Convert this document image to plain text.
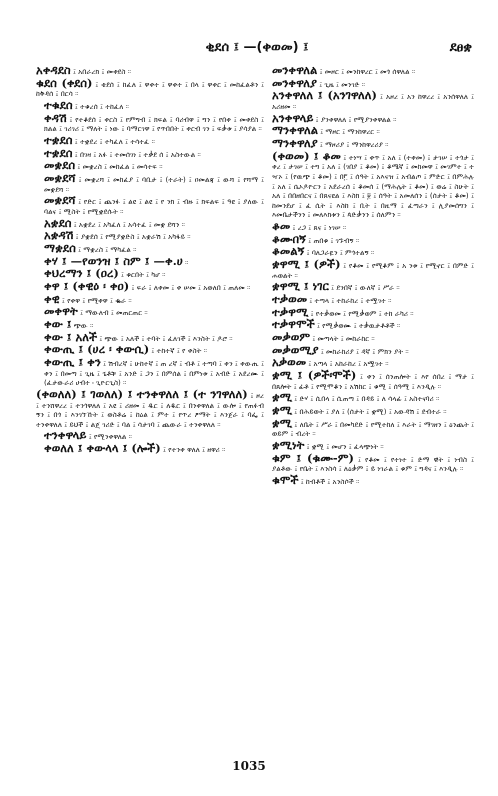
ቂደሰ ፤ —(ቀወመ) ፤	ደፀቋ

አቀዳደስ ፤ አበራረክ ፤ መቀደስ ።

ቁደሰ (ቀደሰ) ፤ ቂደሰ ፤ ከፈለ ፤ ዋቀተ ፤ ዋቀተ ፤ በላ ፤ ዋቀር ፤ መከፈልቶን ፤ ከቅዳሰ ፤ በርሳ ።

ተቁደሰ ፤ ተቁረሰ ፤ ተከፈለ ።

ቀዳሽ ፤ የተቆደሰ ፤ ቀርስ ፤ የምግብ ፤ ክፍል ፤ ባሪብዋ ፤ ግን ፤ የበቀ ፤ መቀደስ ፤ ክልል ፤ ገሪገሪ ፤ ማለት ፤ ነው ፤ ባማርገዋ ፤ የጥበበት ፤ ቀርብ ገን ፤ ፍቃቱ ፤ ያሳያል ።

ተቋደሰ ፤ ተቋደረ ፤ ተካፈለ ፤ ተሳተፈ ።

ተቋደሰ ፤ በገዛ ፤ አፉ ፤ ተመሰገነ ፤ ተቃደ ሰ ፤ አስተውል ።

መቋደሰ ፤ መቋረስ ፤ መከፈል ፤ መሳተፍ ።

መቋደሻ ፤ መቋረሻ ፤ መከፈያ ፤ ባቢታ ፤ (ተራት) ፤ ዐመልጃ ፤ ውሻ ፤ የሻማ ፤ መቋደሻ ።

መቋደሻ ፤ የድር ፤ ጨንፉ ፤ ልዩ ፤ ልዩ ፤ የ ንክ ፤ ብዙ ፤ ክፍልፍ ፤ ዓዩ ፤ ያለው ፤ ባልና ፤ ሚስት ፤ የሚቋደሱት ።

አቋደሰ ፤ አቋደረ ፤ አካፈለ ፤ አሳተፈ ፤ መቋ ደሻን ።

አቋዳሽ ፤ ያቋደሰ ፤ የሚያቋድስ ፤ አቋራሽ ፤ አካፋይ ።

ማቋደሰ ፤ ማቋረስ ፤ ማካፈል ።

ቀሃ ፤ —የወንዝ ፤ ስም ፤ —ቀ.ሀ ።

ቀህረማን ፤ (ዐረ) ፤ ቁርበት ፤ ካሆ ።

ቀዋ ፤ (ቀዊዕ ፡ ቀዐ) ፤ ፍራ ፤ ለቀመ ፤ ቀ ሠመ ፤ አወለበ ፤ ጠለመ ።

ቀዊ ፤ የቀዋ ፤ የሚቀዋ ፤ ቈራ ።

መቀዋት ፤ ማውለብ ፤ መጠርጠር ።

ቀው ፤ ጭው ።

ቀው ፤ አለች ፤ ጭው ፤ አለች ፤ ተባት ፤ ፈለገች ፤ እንስት ፤ ዶሮ ።

ቀውጢ ፤ (ሀረ ፡ ቀውሲ) ፤ ተከተኛ ፤ የ ቀስት ።

ቀውጢ ፤ ቀን ፤ ሽብረኛ ፤ ሁከተኛ ፤ ጠ ረኛ ፤ ብቶ ፤ ተጣባ ፤ ቀን ፤ ቀውጢ ፤ ቀን ፤ በመጣ ፤ ጊዜ ፤ ጌቶቹ ፤ አንድ ፤ ጋን ፤ በምሰል ፤ በምነቱ ፤ አብድ ፤ አደረሙ ፤ (ፈታውራሪ ሀብተ ፡ ጊዮርጊስ) ።

(ቀወለለ) ፤ ገወለለ) ፤ ተንቀዋለለ ፤ (ተ ንገዋለለ) ፤ ዞረ ፤ ተንሸዋረረ ፤ ተንጎዋለለ ፤ አዩ ፤ ሪዘመ ፤ ዱር ፤ ለዱር ፤ በንቀዋለል ፤ ውሎ ፤ የጠፉብ ኝን ፤ በጎ ፤ እንገኘኹት ፤ ወስቶሬ ፤ ከዕል ፤ ምተ ፤ የጥረ ፆማት ፤ እንጀራ ፤ ባፌ ፤ ተንቀዋለለ ፤ ይህች ፤ ልጄ ገሪድ ፤ ባል ፤ ሳታገባ ፤ ጨውራ ፤ ተንቀዋለለ ።

ተንቀዋላይ ፤ የሚንቀዋለል ።

ቀወለለ ፤ ቀውላላ ፤ (ሎች) ፤ የተንቀ ዋለለ ፤ ዘዋሪ ።

መንቀዋለል ፤ መዞር ፤ መንከዋረር ፤ መጎ ሰዋለል ።

መንቀዋለያ ፤ ጊዜ ፤ መንገድ ።

አንቀዋለለ ፤ (አንገዋለለ) ፤ አዞረ ፤ አን ከዋረረ ፤ አንሰዋለለ ፤ አሪዘመ ።

አንቀዋላይ ፤ ያንቀዋለለ ፤ የሚያንቀዋልል ።

ማንቀዋለል ፤ ማዞር ፤ ማንከዋረር ።

ማንቀዋለያ ፤ ማዞሪያ ፤ ማንከዋረሪያ ።

(ቀወመ) ፤ ቆመ ፤ ተነሣ ፤ ቀጥ ፤ አለ ፤ (ተቀመ) ፤ ታገሠ ፤ ተጎታ ፤ ቀረ ፤ ታገሠ ፤ ተግ ፤ አለ ፤ (ገበያ ፤ ቆመ) ፤ ቆሜኛ ፤ መከመዋ ፤ መገምተ ፤ ተ ዣኦ ፤ (የዉጭ ፤ ቆመ) ፤ በ፫ ፤ ሰዓት ፤ አእናዝ ፤ አብልጦ ፤ ምድር ፤ በምሕሉ ፤ አለ ፤ ሴኦዶዮርን ፤ አደራረሰ ፤ ቆመሰ ፤ (ማሕሌት ፤ ቆመ) ፤ ወሬ ፤ ስሁት ፤ አለ ፤ በበዘበርና ፤ በጸናዩል ፤ እስክ ፤ ፱ ፤ ሰዓት ፤ አመለሰን ፤ (ሰታት ፤ ቆመ) ፤ ከመንደሆ ፤ ፈ ሲት ፤ እስከ ፤ ቢት ፤ በዚማ ፤ ፈጣራን ፤ ሊያመሰግን ፤ እመቤታችንን ፤ መለእክቱን ፤ ጳድቃንን ፤ ሰለምን ።

ቆመ ፤ ረጋ ፤ ጸና ፤ ነገሠ ።

ቆሙበኝ ፤ ጠበቁ ፤ ገኙብኝ ።

ቆመልኝ ፤ ባለጋራዬን ፤ ምጎተልኝ ።

ቋዋሚ ፤ (ዎች) ፤ የቆመ ፤ የሚቆም ፤ አ ንቱ ፤ የሚኖር ፤ በምድ ፤ ሐወልት ።

ቋዋሚ ፤ ነገር ፤ ደንበኛ ፤ ውለኛ ፤ ሥራ ።

ተቃወመ ፤ ተጣላ ፤ ተከራከረ ፤ ተሟገተ ።

ተቃዋሚ ፤ የተቃወመ ፤ የሚቃወም ፤ ተከ ራካሪ ።

ተቃዋሞች ፤ የሚቃወሙ ፤ ተቃዉታቶቶች ።

መቃወም ፤ መጣላት ፤ መከራከር ።

መቃወሚያ ፤ መከራከሪያ ፤ ዳኛ ፤ ምክን ያት ።

አቃወመ ፤ አጣላ ፤ አከራከረ ፤ አሟገተ ።

ቋሚ ፤ (ዎች፡ሞች) ፤ ቀን ፤ ሰንጠሎት ፤ እየ ሰበረ ፤ ማታ ፤ በጸሎት ፤ ፊቶ ፤ የሚሞቆን ፤ አሽከር ፤ ቁሚ ፤ ሰዓሚ ፤ እንዲሉ ።

ቋሚ ፤ ድሃ ፤ ሲበላ ፤ ሲጠጣ ፤ በዳይ ፤ ለ ሳላፊ ፤ አስተናባሪ ።

ቋሚ ፤ በሕይወት ፤ ያለ ፤ (ሰታት ፤ ቋሚ) ፤ አውዳሽ ፤ ደብተራ ።

ቋሚ ፤ ለቤት ፤ ሥራ ፤ በመካደድ ፤ የሚተከለ ፤ እራት ፤ ማገዘን ፤ ዕንጨት ፤ ወይም ፤ ብረት ።

ቋሚነት ፤ ቋሚ ፤ መሆን ፤ ፈላጭነት ።

ቁም ፤ (ቁሙ-ም) ፤ የቆመ ፤ የተነተ ፤ ድማ ዊት ፤ ነብስ ፤ ያልቶው ፤ የቤት ፤ እንስሳ ፤ ለዕቃም ፤ ይ ነገራል ፤ ቁም ፤ ግዳና ፤ እንዲሉ ።

ቁሞች ፤ ከብቶች ፤ አንስሶች ።

1035
